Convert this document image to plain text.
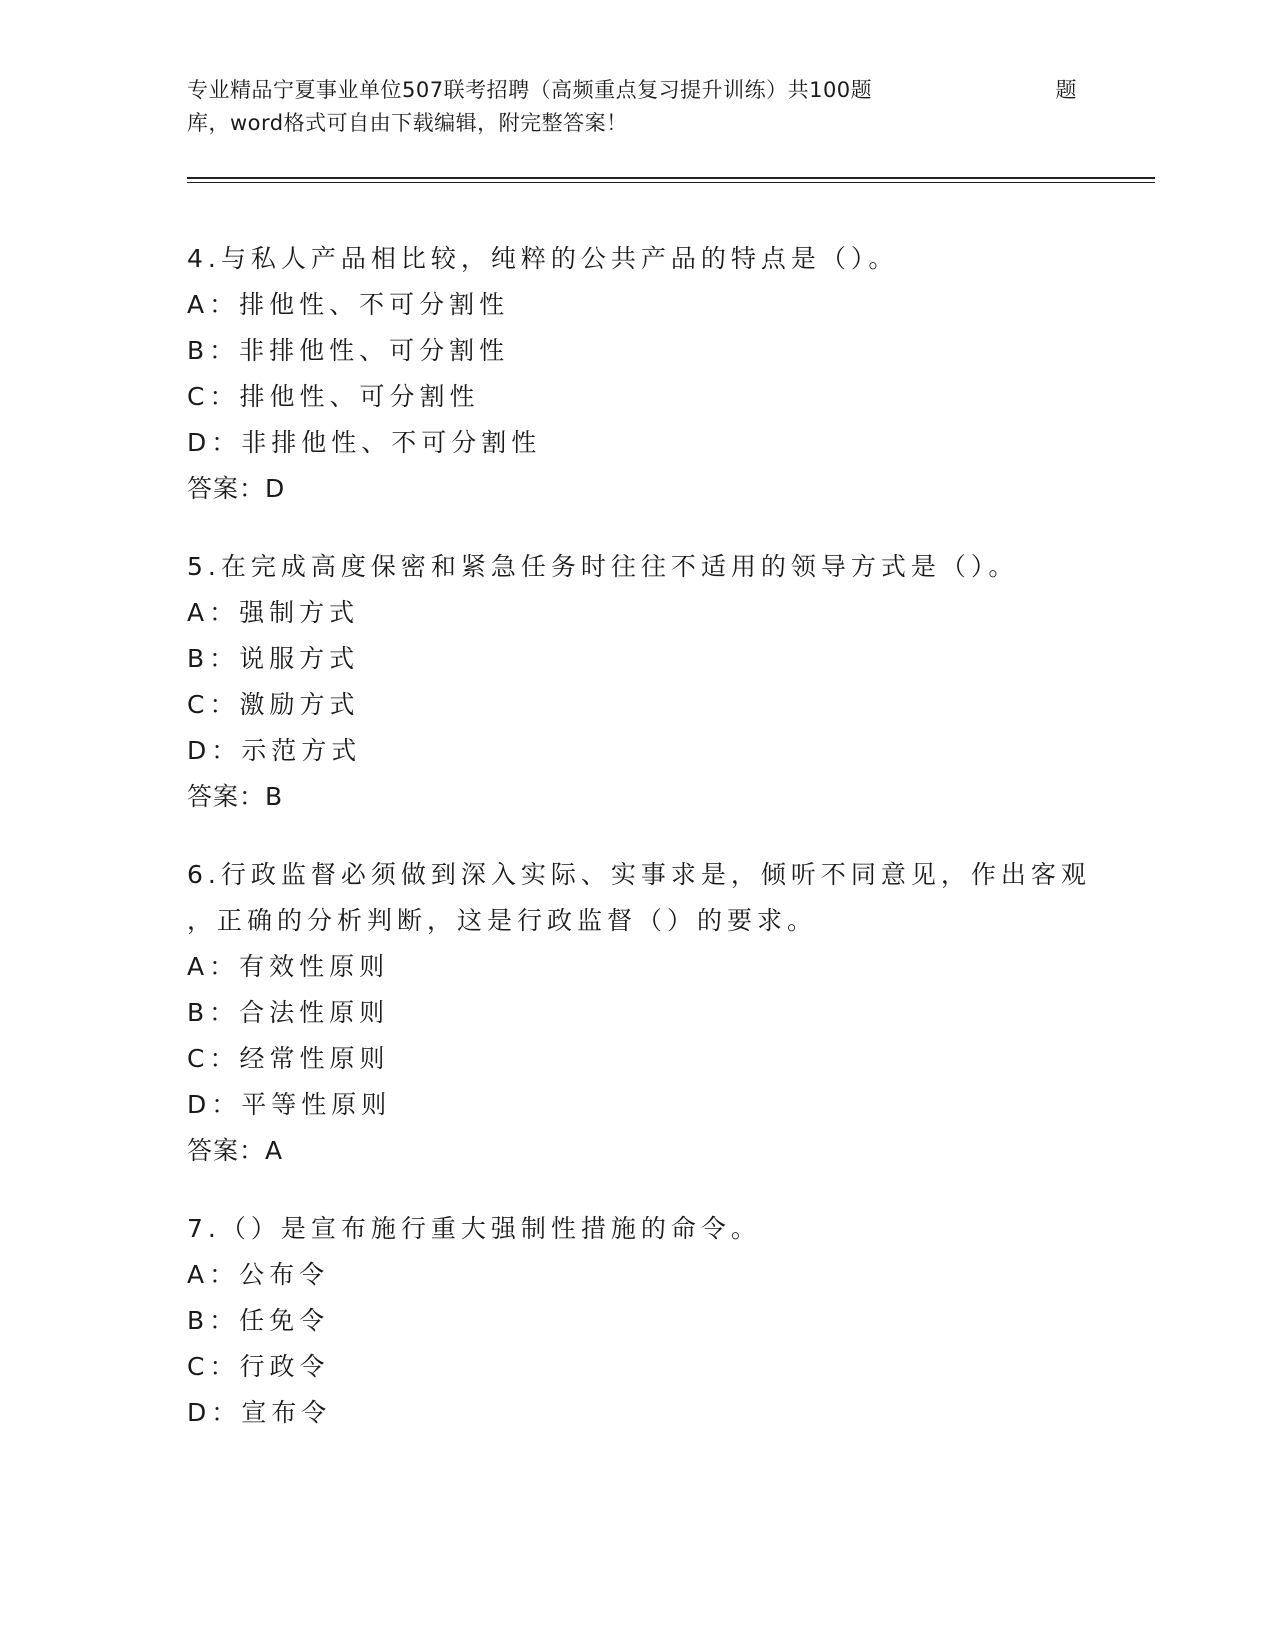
专业精品宁夏事业单位507联考招聘（高频重点复习提升训练）共100题	题
库，word格式可自由下载编辑，附完整答案！
4.与私人产品相比较，纯粹的公共产品的特点是（）。
A：排他性、不可分割性
B：非排他性、可分割性
C：排他性、可分割性
D：非排他性、不可分割性
答案：D
5.在完成高度保密和紧急任务时往往不适用的领导方式是（）。
A：强制方式
B：说服方式
C：激励方式
D：示范方式
答案：B
6.行政监督必须做到深入实际、实事求是，倾听不同意见，作出客观
，正确的分析判断，这是行政监督（）的要求。
A：有效性原则
B：合法性原则
C：经常性原则
D：平等性原则
答案：A
7.（）是宣布施行重大强制性措施的命令。
A：公布令
B：任免令
C：行政令
D：宣布令
